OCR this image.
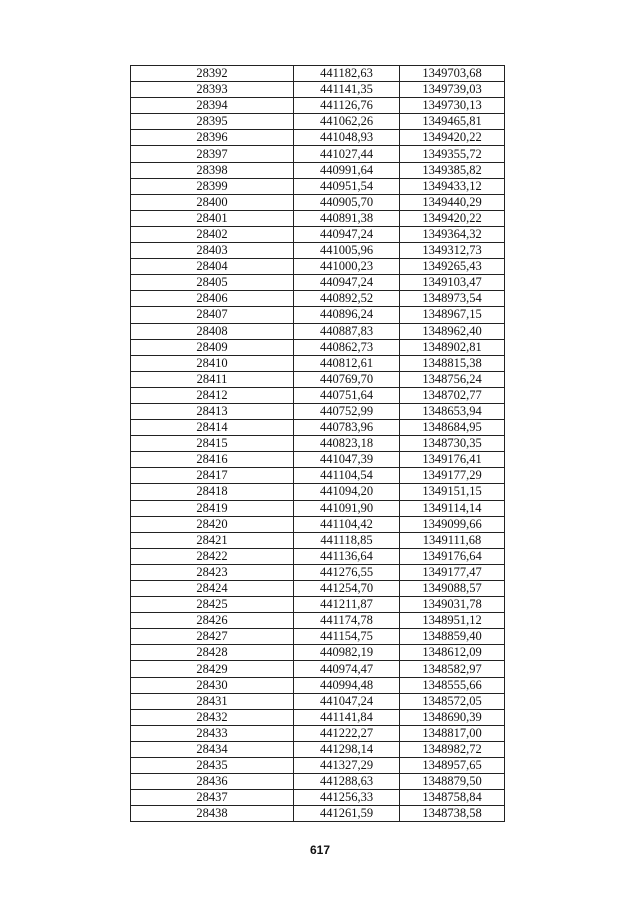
28392	441182,63	1349703,68
28393	441141,35	1349739,03
28394	441126,76	1349730,13
28395	441062,26	1349465,81
28396	441048,93	1349420,22
28397	441027,44	1349355,72
28398	440991,64	1349385,82
28399	440951,54	1349433,12
28400	440905,70	1349440,29
28401	440891,38	1349420,22
28402	440947,24	1349364,32
28403	441005,96	1349312,73
28404	441000,23	1349265,43
28405	440947,24	1349103,47
28406	440892,52	1348973,54
28407	440896,24	1348967,15
28408	440887,83	1348962,40
28409	440862,73	1348902,81
28410	440812,61	1348815,38
28411	440769,70	1348756,24
28412	440751,64	1348702,77
28413	440752,99	1348653,94
28414	440783,96	1348684,95
28415	440823,18	1348730,35
28416	441047,39	1349176,41
28417	441104,54	1349177,29
28418	441094,20	1349151,15
28419	441091,90	1349114,14
28420	441104,42	1349099,66
28421	441118,85	1349111,68
28422	441136,64	1349176,64
28423	441276,55	1349177,47
28424	441254,70	1349088,57
28425	441211,87	1349031,78
28426	441174,78	1348951,12
28427	441154,75	1348859,40
28428	440982,19	1348612,09
28429	440974,47	1348582,97
28430	440994,48	1348555,66
28431	441047,24	1348572,05
28432	441141,84	1348690,39
28433	441222,27	1348817,00
28434	441298,14	1348982,72
28435	441327,29	1348957,65
28436	441288,63	1348879,50
28437	441256,33	1348758,84
28438	441261,59	1348738,58
617
